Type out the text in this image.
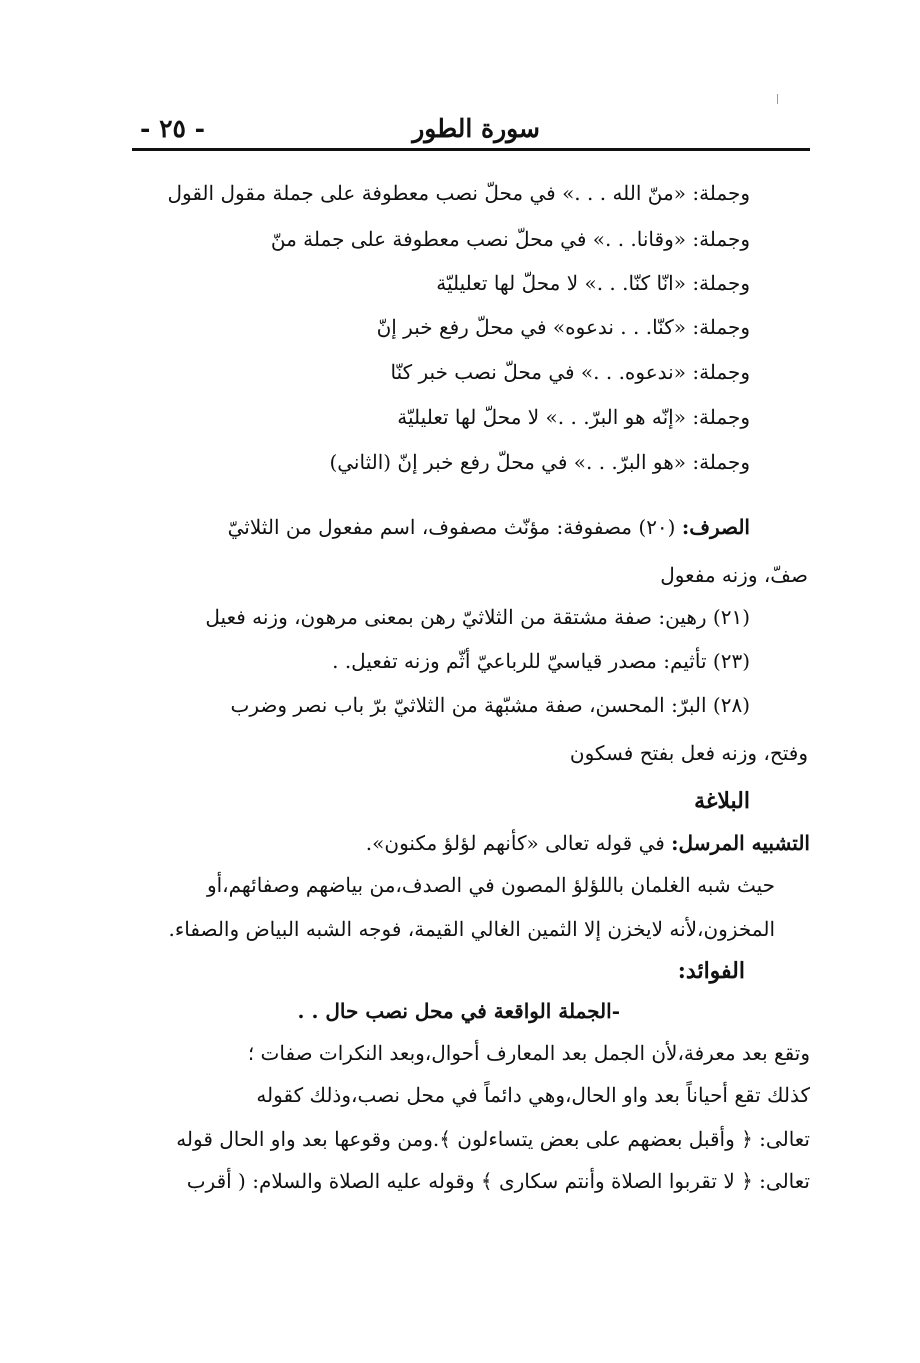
سورة الطور
- ٢٥ -
وجملة: «منّ الله . . .» في محلّ نصب معطوفة على جملة مقول القول
وجملة: «وقانا. . .» في محلّ نصب معطوفة على جملة منّ
وجملة: «انّا كنّا. . .» لا محلّ لها تعليليّة
وجملة: «كنّا. . . ندعوه» في محلّ رفع خبر إنّ
وجملة: «ندعوه. . .» في محلّ نصب خبر كنّا
وجملة: «إنّه هو البرّ. . .» لا محلّ لها تعليليّة
وجملة: «هو البرّ. . .» في محلّ رفع خبر إنّ (الثاني)
الصرف: (٢٠) مصفوفة: مؤنّث مصفوف، اسم مفعول من الثلاثيّ
صفّ، وزنه مفعول
(٢١) رهين: صفة مشتقة من الثلاثيّ رهن بمعنى مرهون، وزنه فعيل
(٢٣) تأثيم: مصدر قياسيّ للرباعيّ أثّم وزنه تفعيل. .
(٢٨) البرّ: المحسن، صفة مشبّهة من الثلاثيّ برّ باب نصر وضرب
وفتح، وزنه فعل بفتح فسكون
البلاغة
التشبيه المرسل: في قوله تعالى «كأنهم لؤلؤ مكنون».
حيث شبه الغلمان باللؤلؤ المصون في الصدف،من بياضهم وصفائهم،أو
المخزون،لأنه لايخزن إلا الثمين الغالي القيمة، فوجه الشبه البياض والصفاء.
الفوائد:
-الجملة الواقعة في محل نصب حال . .
وتقع بعد معرفة،لأن الجمل بعد المعارف أحوال،وبعد النكرات صفات ؛
كذلك تقع أحياناً بعد واو الحال،وهي دائماً في محل نصب،وذلك كقوله
تعالى: ﴿ وأقبل بعضهم على بعض يتساءلون ﴾.ومن وقوعها بعد واو الحال قوله
تعالى: ﴿ لا تقربوا الصلاة وأنتم سكارى ﴾ وقوله عليه الصلاة والسلام: ( أقرب
